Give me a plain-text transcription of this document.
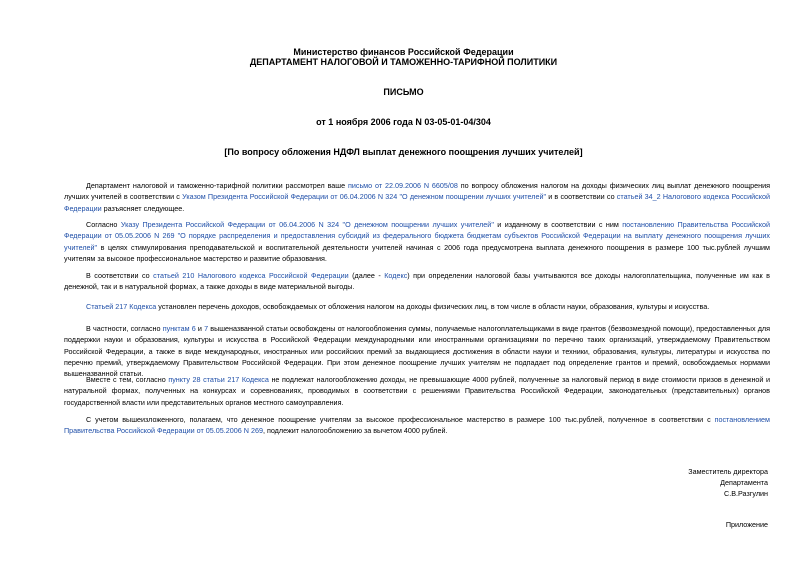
Министерство финансов Российской Федерации
ДЕПАРТАМЕНТ НАЛОГОВОЙ И ТАМОЖЕННО-ТАРИФНОЙ ПОЛИТИКИ
ПИСЬМО
от 1 ноября 2006 года N 03-05-01-04/304
[По вопросу обложения НДФЛ выплат денежного поощрения лучших учителей]

Департамент налоговой и таможенно-тарифной политики рассмотрел ваше письмо от 22.09.2006 N 6605/08 по вопросу обложения налогом на доходы физических лиц выплат денежного поощрения лучших учителей в соответствии с Указом Президента Российской Федерации от 06.04.2006 N 324 "О денежном поощрении лучших учителей" и в соответствии со статьей 34_2 Налогового кодекса Российской Федерации разъясняет следующее.

Согласно Указу Президента Российской Федерации от 06.04.2006 N 324 "О денежном поощрении лучших учителей" и изданному в соответствии с ним постановлению Правительства Российской Федерации от 05.05.2006 N 269 "О порядке распределения и предоставления субсидий из федерального бюджета бюджетам субъектов Российской Федерации на выплату денежного поощрения лучших учителей" в целях стимулирования преподавательской и воспитательной деятельности учителей начиная с 2006 года предусмотрена выплата денежного поощрения в размере 100 тыс.рублей лучшим учителям за высокое профессиональное мастерство и развитие образования.

В соответствии со статьей 210 Налогового кодекса Российской Федерации (далее - Кодекс) при определении налоговой базы учитываются все доходы налогоплательщика, полученные им как в денежной, так и в натуральной формах, а также доходы в виде материальной выгоды.

Статьей 217 Кодекса установлен перечень доходов, освобождаемых от обложения налогом на доходы физических лиц, в том числе в области науки, образования, культуры и искусства.

В частности, согласно пунктам 6 и 7 вышеназванной статьи освобождены от налогообложения суммы, получаемые налогоплательщиками в виде грантов (безвозмездной помощи), предоставленных для поддержки науки и образования, культуры и искусства в Российской Федерации международными или иностранными организациями по перечню таких организаций, утверждаемому Правительством Российской Федерации, а также в виде международных, иностранных или российских премий за выдающиеся достижения в области науки и техники, образования, культуры, литературы и искусства по перечню премий, утверждаемому Правительством Российской Федерации. При этом денежное поощрение лучших учителям не подпадает под определение грантов и премий, освобождаемых нормами вышеназванной статьи.

Вместе с тем, согласно пункту 28 статьи 217 Кодекса не подлежат налогообложению доходы, не превышающие 4000 рублей, полученные за налоговый период в виде стоимости призов в денежной и натуральной формах, полученных на конкурсах и соревнованиях, проводимых в соответствии с решениями Правительства Российской Федерации, законодательных (представительных) органов государственной власти или представительных органов местного самоуправления.

С учетом вышеизложенного, полагаем, что денежное поощрение учителям за высокое профессиональное мастерство в размере 100 тыс.рублей, полученное в соответствии с постановлением Правительства Российской Федерации от 05.05.2006 N 269, подлежит налогообложению за вычетом 4000 рублей.

Заместитель директора
Департамента
С.В.Разгулин
Приложение
